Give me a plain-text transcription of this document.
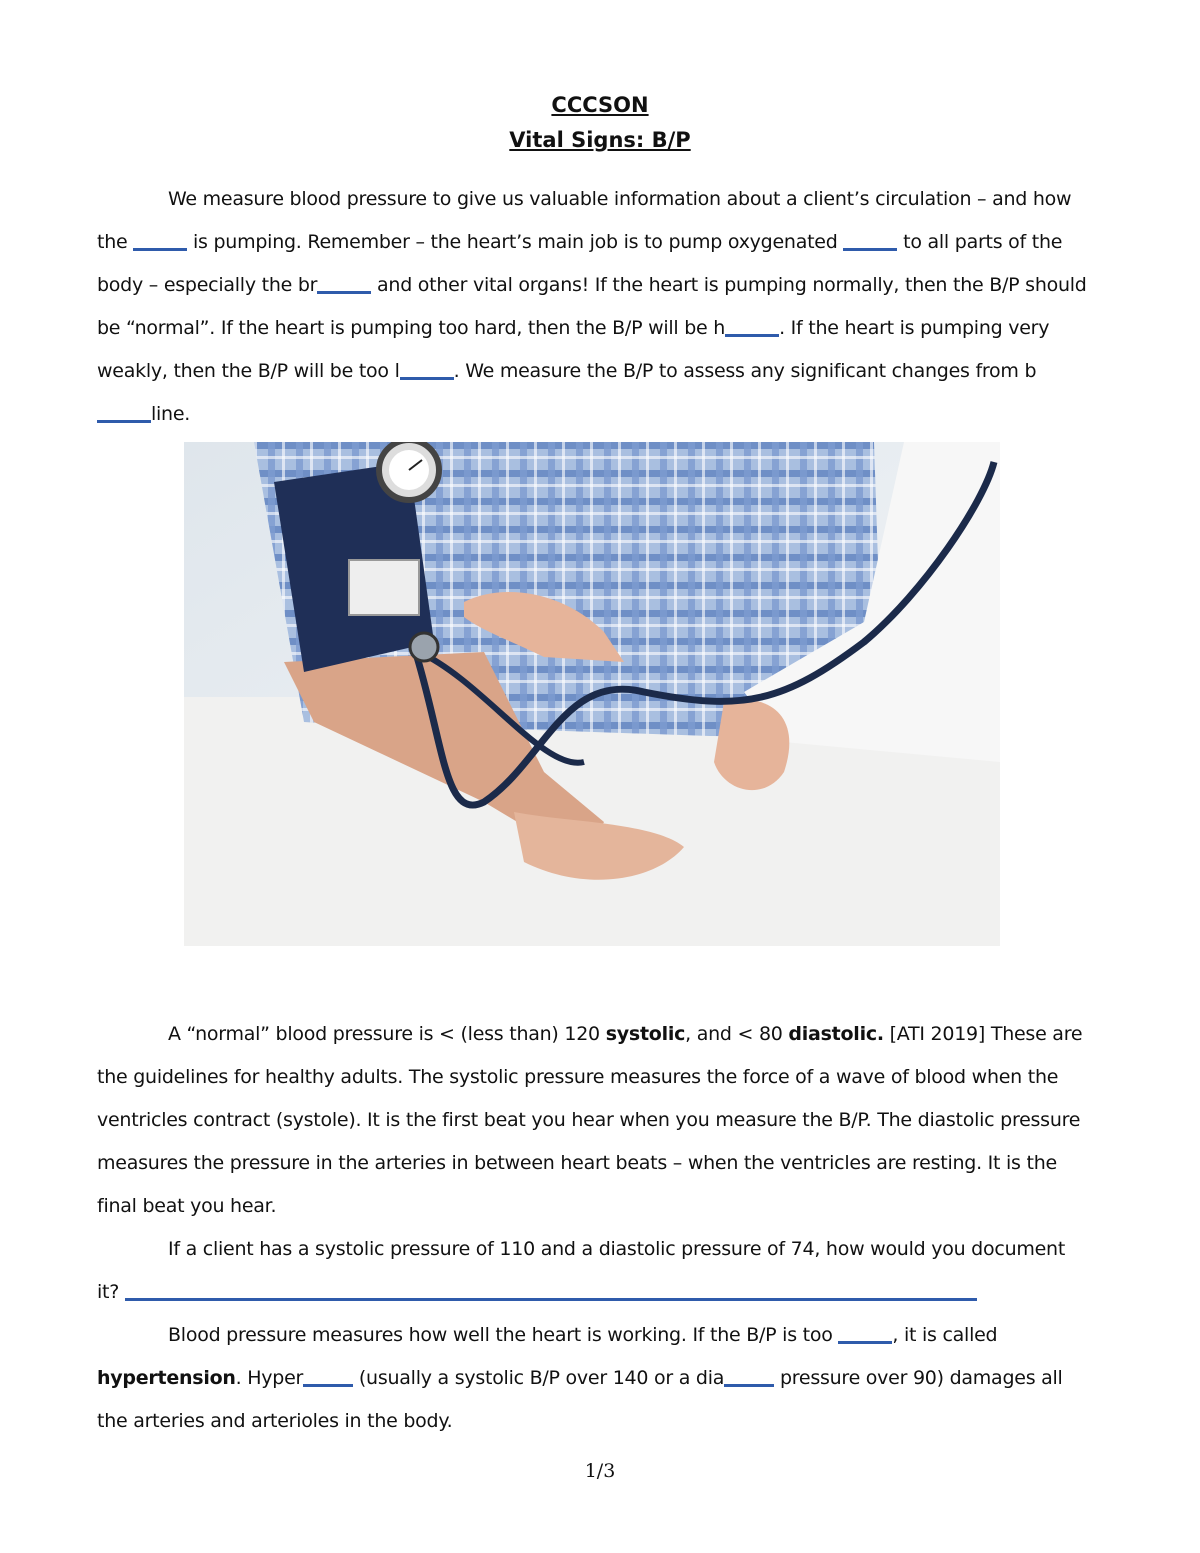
CCCSON
Vital Signs: B/P
We measure blood pressure to give us valuable information about a client’s circulation – and how the	is pumping. Remember – the heart’s main job is to pump oxygenated	to all parts of the body – especially the br	and other vital organs! If the heart is pumping normally, then the B/P should be “normal”. If the heart is pumping too hard, then the B/P will be h	. If the heart is pumping very weakly, then the B/P will be too l	. We measure the B/P to assess any significant changes from bline.
A “normal” blood pressure is < (less than) 120 systolic, and < 80 diastolic. [ATI 2019] These are the guidelines for healthy adults. The systolic pressure measures the force of a wave of blood when the ventricles contract (systole). It is the first beat you hear when you measure the B/P. The diastolic pressure measures the pressure in the arteries in between heart beats – when the ventricles are resting. It is the final beat you hear.
If a client has a systolic pressure of 110 and a diastolic pressure of 74, how would you document it?
Blood pressure measures how well the heart is working. If the B/P is too	, it is called hypertension. Hyper	(usually a systolic B/P over 140 or a dia	pressure over 90) damages all the arteries and arterioles in the body.
1/3
